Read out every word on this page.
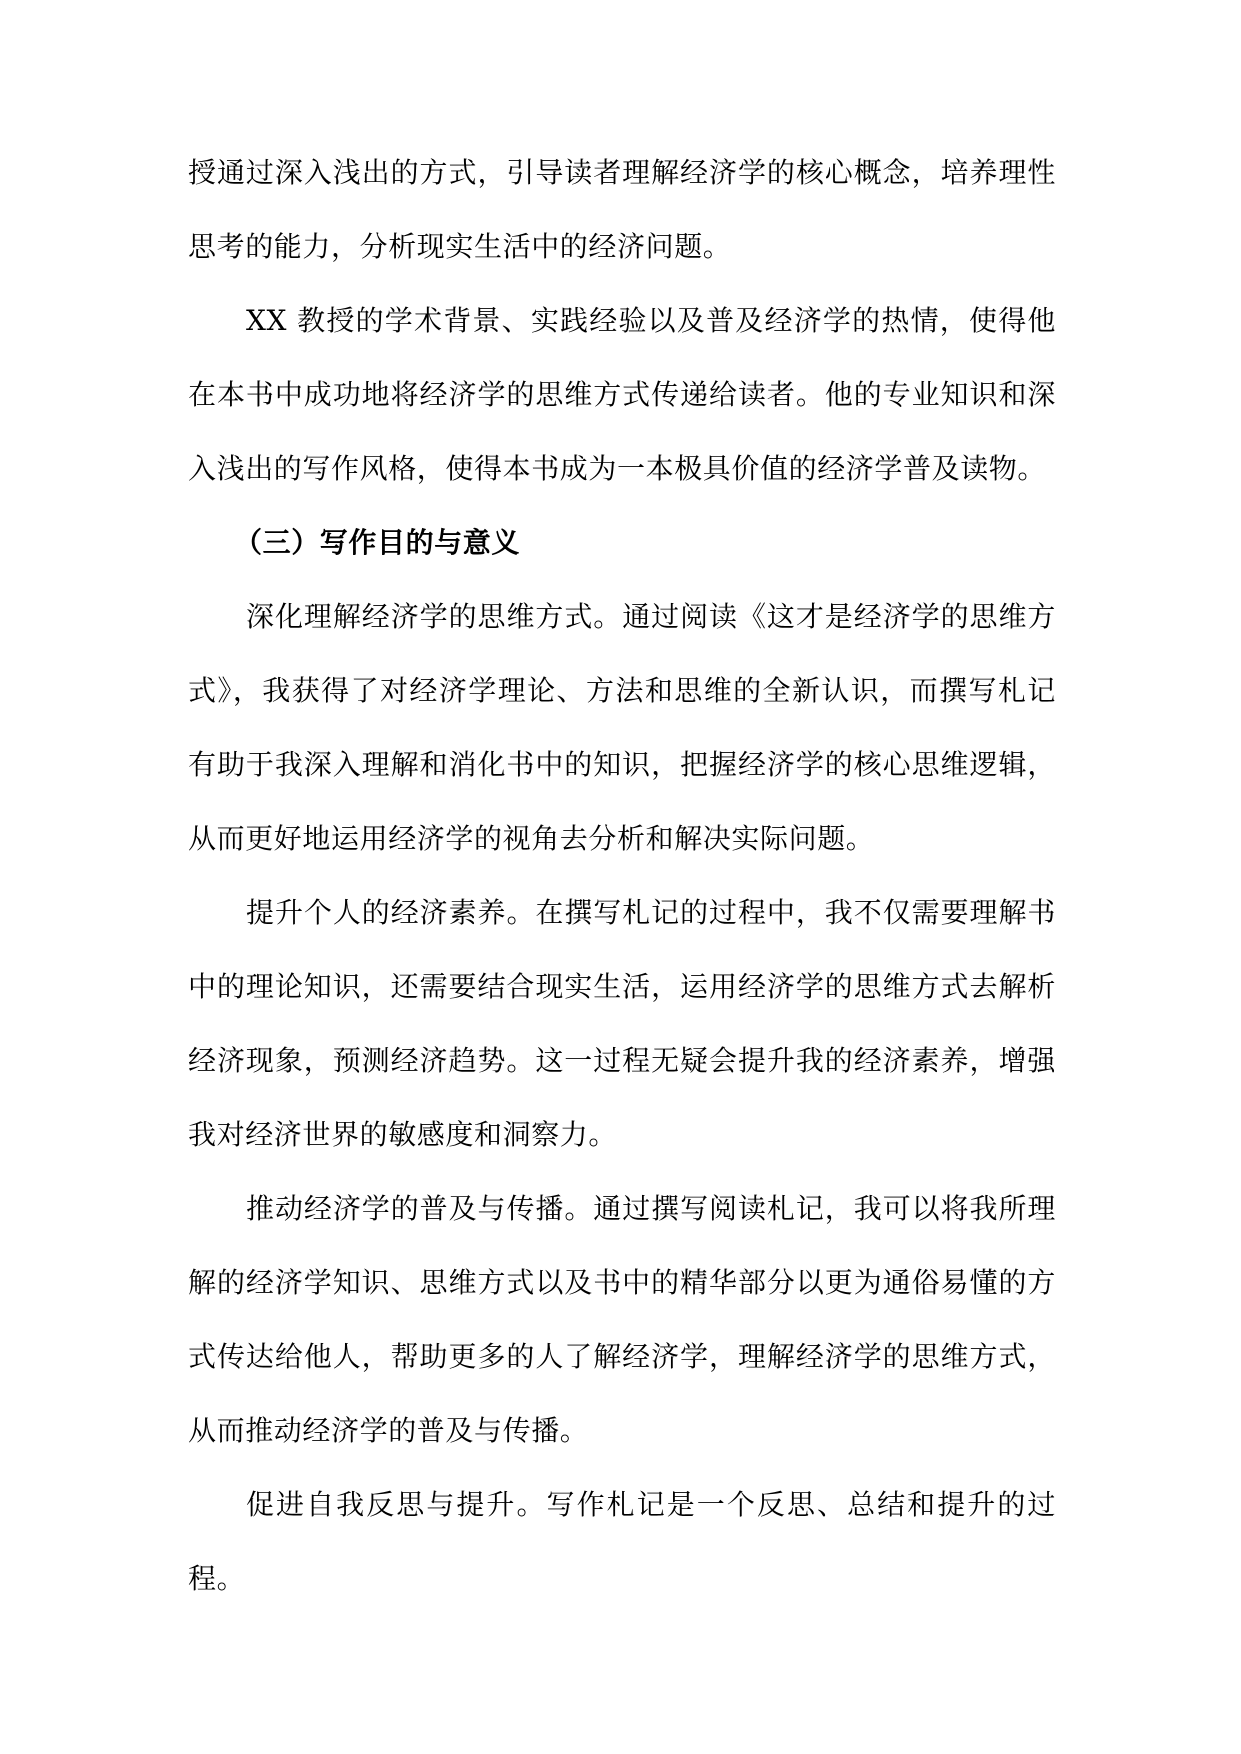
授通过深入浅出的方式，引导读者理解经济学的核心概念，培养理性思考的能力，分析现实生活中的经济问题。

XX 教授的学术背景、实践经验以及普及经济学的热情，使得他在本书中成功地将经济学的思维方式传递给读者。他的专业知识和深入浅出的写作风格，使得本书成为一本极具价值的经济学普及读物。

（三）写作目的与意义

深化理解经济学的思维方式。通过阅读《这才是经济学的思维方式》，我获得了对经济学理论、方法和思维的全新认识，而撰写札记有助于我深入理解和消化书中的知识，把握经济学的核心思维逻辑，从而更好地运用经济学的视角去分析和解决实际问题。

提升个人的经济素养。在撰写札记的过程中，我不仅需要理解书中的理论知识，还需要结合现实生活，运用经济学的思维方式去解析经济现象，预测经济趋势。这一过程无疑会提升我的经济素养，增强我对经济世界的敏感度和洞察力。

推动经济学的普及与传播。通过撰写阅读札记，我可以将我所理解的经济学知识、思维方式以及书中的精华部分以更为通俗易懂的方式传达给他人，帮助更多的人了解经济学，理解经济学的思维方式，从而推动经济学的普及与传播。

促进自我反思与提升。写作札记是一个反思、总结和提升的过程。
